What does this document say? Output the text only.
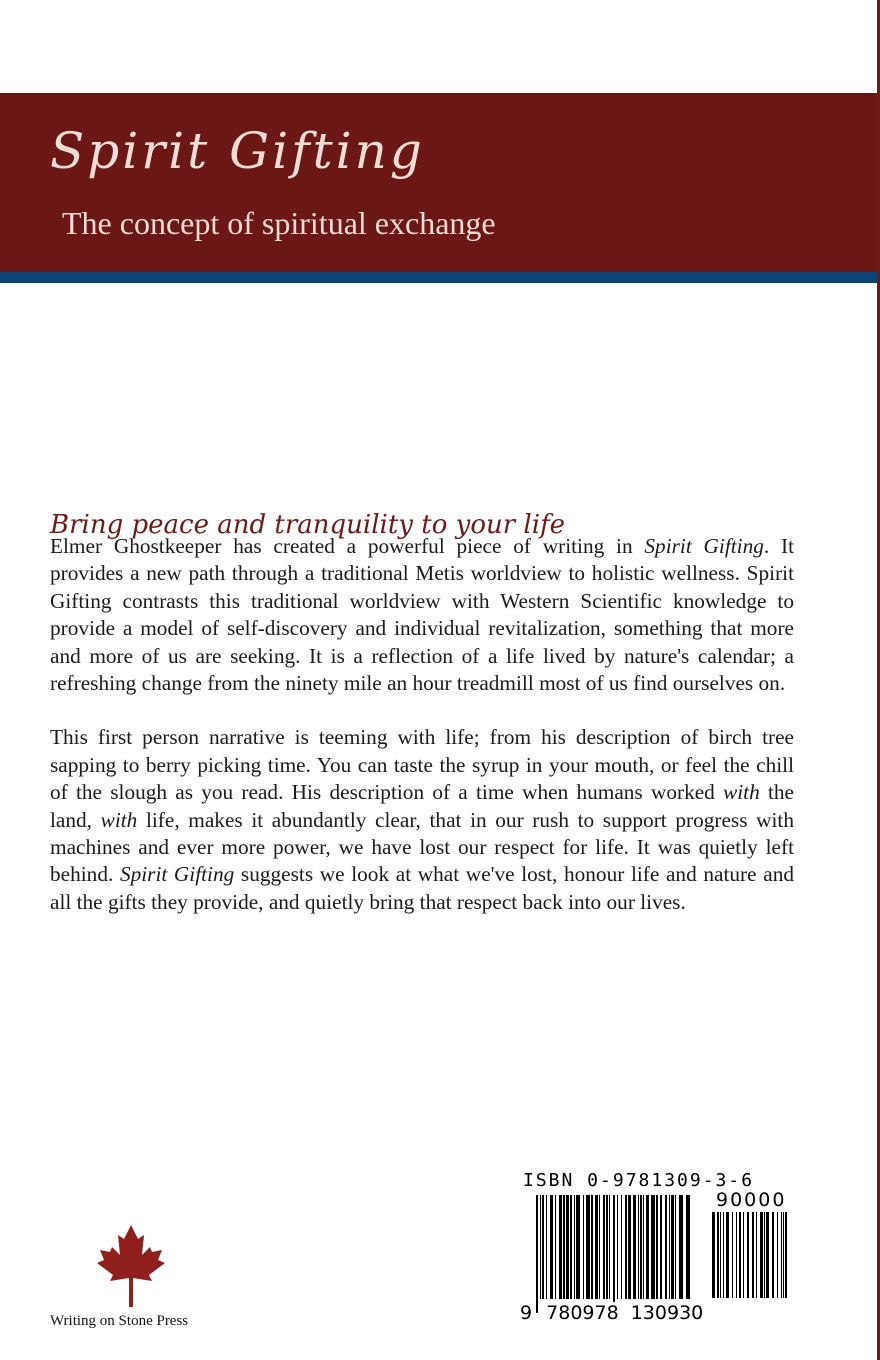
Spirit Gifting
The concept of spiritual exchange
Bring peace and tranquility to your life

Elmer Ghostkeeper has created a powerful piece of writing in Spirit Gifting. It provides a new path through a traditional Metis worldview to holistic wellness. Spirit Gifting contrasts this traditional worldview with Western Scientific knowledge to provide a model of self-discovery and individual revitalization, something that more and more of us are seeking. It is a reflection of a life lived by nature's calendar; a refreshing change from the ninety mile an hour treadmill most of us find ourselves on.

This first person narrative is teeming with life; from his description of birch tree sapping to berry picking time. You can taste the syrup in your mouth, or feel the chill of the slough as you read. His description of a time when humans worked with the land, with life, makes it abundantly clear, that in our rush to support progress with machines and ever more power, we have lost our respect for life. It was quietly left behind. Spirit Gifting suggests we look at what we've lost, honour life and nature and all the gifts they provide, and quietly bring that respect back into our lives.

Writing on Stone Press
ISBN 0-9781309-3-6
90000
9 780978 130930
